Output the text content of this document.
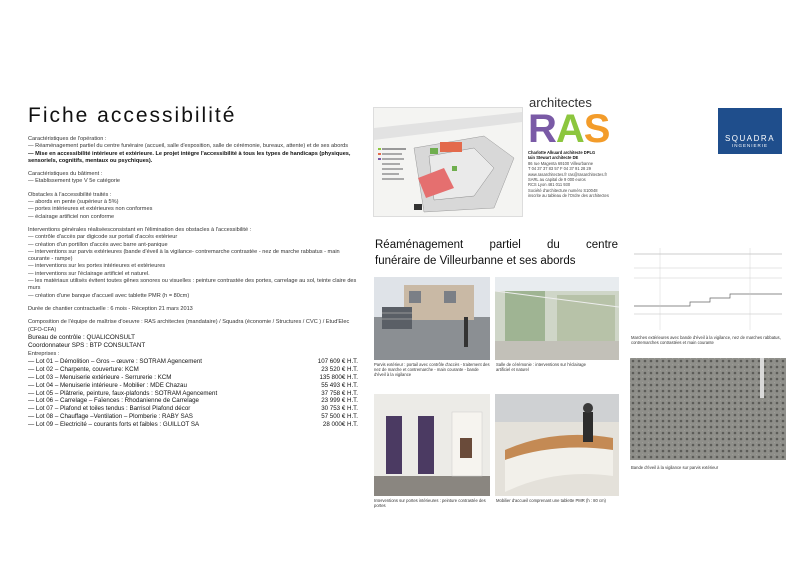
Fiche accessibilité

Caractéristiques de l'opération :

— Réaménagement partiel du centre funéraire (accueil, salle d'exposition, salle de cérémonie, bureaux, attente) et de ses abords

— Mise en accessibilité intérieure et extérieure. Le projet intègre l'accessibilité à tous les types de handicaps (physiques, sensoriels, cognitifs, mentaux ou psychiques).

Caractéristiques du bâtiment :

— Etablissement type V 5e catégorie

Obstacles à l'accessibilité traités :

— abords en pente (supérieur à 5%)

— portes intérieures et extérieures non conformes

— éclairage artificiel non conforme

Interventions générales réaliséesconsistant en l'élimination des obstacles à l'accessibilité :

— contrôle d'accès par digicode sur portail d'accès extérieur

— création d'un portillon d'accès avec barre ant-panique

— interventions sur parvis extérieures (bande d'éveil à la vigilance- contremarche contrastée - nez de marche rabbatus - main courante - rampe)

— interventions sur les portes intérieures et extérieures

— interventions sur l'éclairage artificiel et naturel.

— les matériaux utilisés évitent toutes gênes sonores ou visuelles : peinture contrastée des portes, carrelage au sol, teinte claire des murs

— création d'une banque d'accueil avec tablette PMR (h = 80cm)

Durée de chantier contractuelle : 6 mois - Réception 21 mars 2013

Composition de l'équipe de maîtrise d'oeuvre : RAS architectes (mandataire) / Squadra (économie / Structures / CVC ) / Etud'Elec (CFO-CFA)

Bureau de contrôle : QUALICONSULT

Coordonnateur SPS : BTP CONSULTANT

Entreprises :

— Lot 01 – Démolition – Gros – œuvre : SOTRAM Agencement	107 609 € H.T.
— Lot 02 – Charpente, couverture: KCM	23 520 € H.T.
— Lot 03 – Menuiserie extérieure - Serrurerie : KCM	135 800€ H.T.
— Lot 04 – Menuiserie intérieure - Mobilier : MDE Chazau	55 493 € H.T.
— Lot 05 – Plâtrerie, peinture, faux-plafonds : SOTRAM Agencement	37 758 € H.T.
— Lot 06 – Carrelage – Faïences : Rhodanienne de Carrelage	23 999 € H.T.
— Lot 07 – Plafond et toiles tendus : Barrisol Plafond décor	30 753 € H.T.
— Lot 08 – Chauffage –Ventilation – Plomberie : RABY SAS	57 500 € H.T.
— Lot 09 – Electricité – courants forts et faibles : GUILLOT SA	28 000€ H.T.
architectes
RAS

Charlotte Alkuard architecte DPLG

Iain Stewart architecte DE

86 rue Magenta 69100 Villeurbanne

T 04 37 37 83 57 F 04 37 91 28 29

www.rasarchitectes.fr ras@rasarchitectes.fr

SARL au capital de 9 000 euros

RCS Lyon 481 011 930

Société d'architecture numéro S10048

inscrite au tableau de l'Ordre des architectes

SQUADRA
INGENIERIE
Réaménagement partiel du centre
funéraire de Villeurbanne et ses abords
Parvis extérieur : portail avec contrôle d'accès - traitement des nez de marche et contremarche - main courante - bande d'éveil à la vigilance
Salle de cérémonie : interventions sur l'éclairage artificiel et naturel
Interventions sur portes intérieures : peinture contrastée des portes
Mobilier d'accueil comprenant une tablette PMR (h : 80 cm)
Marches extérieures avec bande d'éveil à la vigilance, nez de marches rabbatus, contremarches contrastées et main courante
Bande d'éveil à la vigilance sur parvis extérieur
